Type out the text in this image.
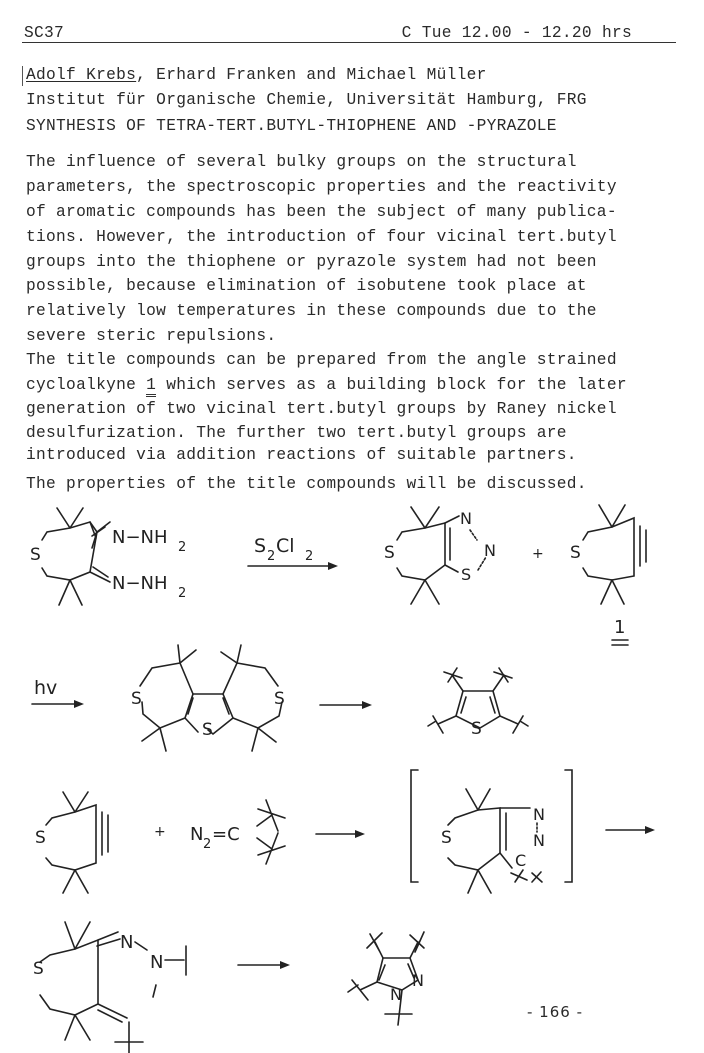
SC37	C Tue 12.00 - 12.20 hrs
Adolf Krebs, Erhard Franken and Michael Müller
Institut für Organische Chemie, Universität Hamburg, FRG
SYNTHESIS OF TETRA-TERT.BUTYL-THIOPHENE AND -PYRAZOLE
The influence of several bulky groups on the structural
parameters, the spectroscopic properties and the reactivity
of aromatic compounds has been the subject of many publica-
tions. However, the introduction of four vicinal tert.butyl
groups into the thiophene or pyrazole system had not been
possible, because elimination of isobutene took place at
relatively low temperatures in these compounds due to the
severe steric repulsions.
The title compounds can be prepared from the angle strained
cycloalkyne 1 which serves as a building block for the later
generation of two vicinal tert.butyl groups by Raney nickel
desulfurization. The further two tert.butyl groups are
introduced via addition reactions of suitable partners.
The properties of the title compounds will be discussed.
S
N−NH 2
N−NH 2
S 2 Cl 2	S
N
N
S
+ S
1
hv	S	S
S	S
S	+ N 2 =C
N
N
C
S
N
N
S
N
N
- 166 -
